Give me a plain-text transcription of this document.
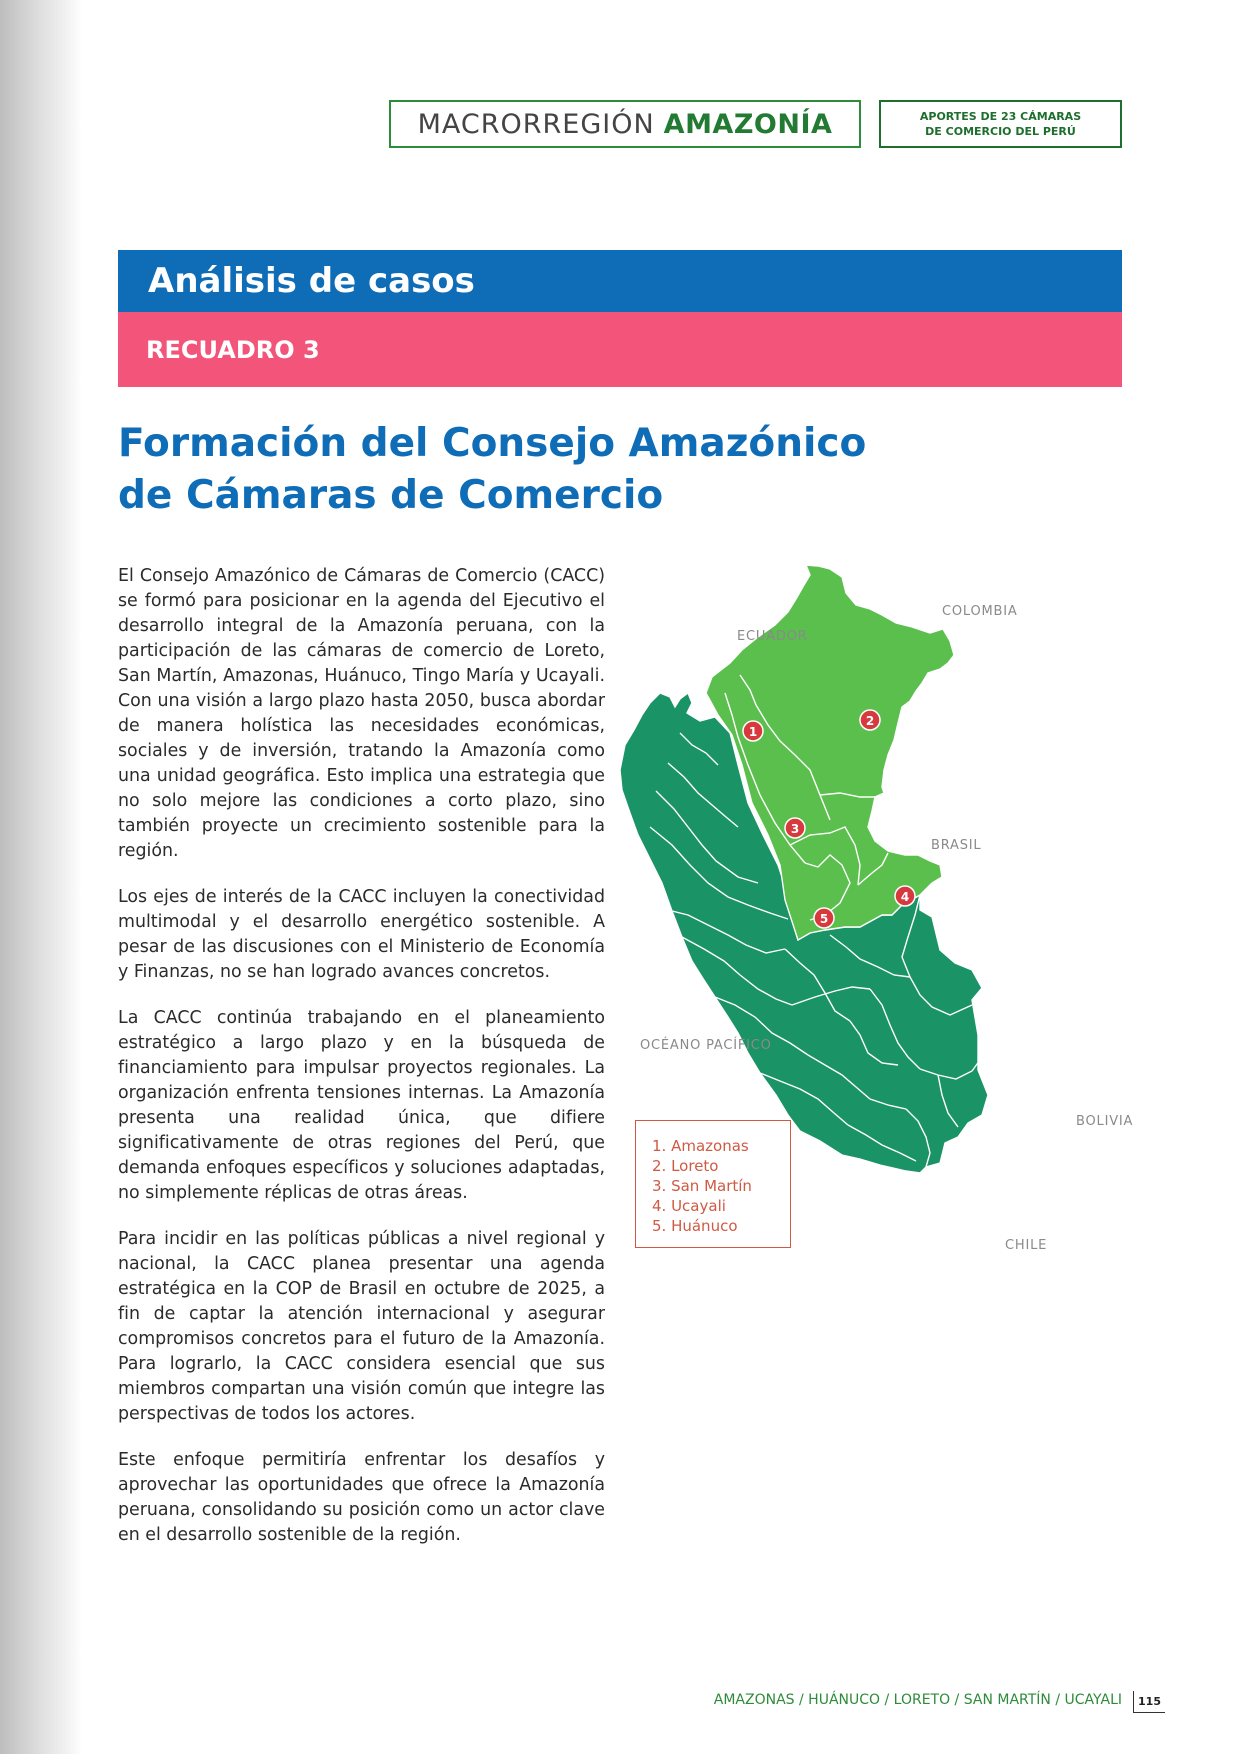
MACRORREGIÓN AMAZONÍA	APORTES DE 23 CÁMARAS
DE COMERCIO DEL PERÚ
Análisis de casos
RECUADRO 3
Formación del Consejo Amazónico
de Cámaras de Comercio

El Consejo Amazónico de Cámaras de Comercio (CACC) se formó para posicionar en la agenda del Ejecutivo el desarrollo integral de la Amazonía peruana, con la participación de las cámaras de comercio de Loreto, San Martín, Amazonas, Huánuco, Tingo María y Ucayali. Con una visión a largo plazo hasta 2050, busca abordar de manera holística las necesidades económicas, sociales y de inversión, tratando la Amazonía como una unidad geográfica. Esto implica una estrategia que no solo mejore las condiciones a corto plazo, sino también proyecte un crecimiento sostenible para la región.

Los ejes de interés de la CACC incluyen la conectividad multimodal y el desarrollo energético sostenible. A pesar de las discusiones con el Ministerio de Economía y Finanzas, no se han logrado avances concretos.

La CACC continúa trabajando en el planeamiento estratégico a largo plazo y en la búsqueda de financiamiento para impulsar proyectos regionales. La organización enfrenta tensiones internas. La Amazonía presenta una realidad única, que difiere significativamente de otras regiones del Perú, que demanda enfoques específicos y soluciones adaptadas, no simplemente réplicas de otras áreas.

Para incidir en las políticas públicas a nivel regional y nacional, la CACC planea presentar una agenda estratégica en la COP de Brasil en octubre de 2025, a fin de captar la atención internacional y asegurar compromisos concretos para el futuro de la Amazonía. Para lograrlo, la CACC considera esencial que sus miembros compartan una visión común que integre las perspectivas de todos los actores.

Este enfoque permitiría enfrentar los desafíos y aprovechar las oportunidades que ofrece la Amazonía peruana, consolidando su posición como un actor clave en el desarrollo sostenible de la región.

1
2
3
4
5
COLOMBIA
ECUADOR
BRASIL
OCÉANO PACÍFICO
BOLIVIA
CHILE
1. Amazonas
2. Loreto
3. San Martín
4. Ucayali
5. Huánuco
AMAZONAS / HUÁNUCO / LORETO / SAN MARTÍN / UCAYALI	115
